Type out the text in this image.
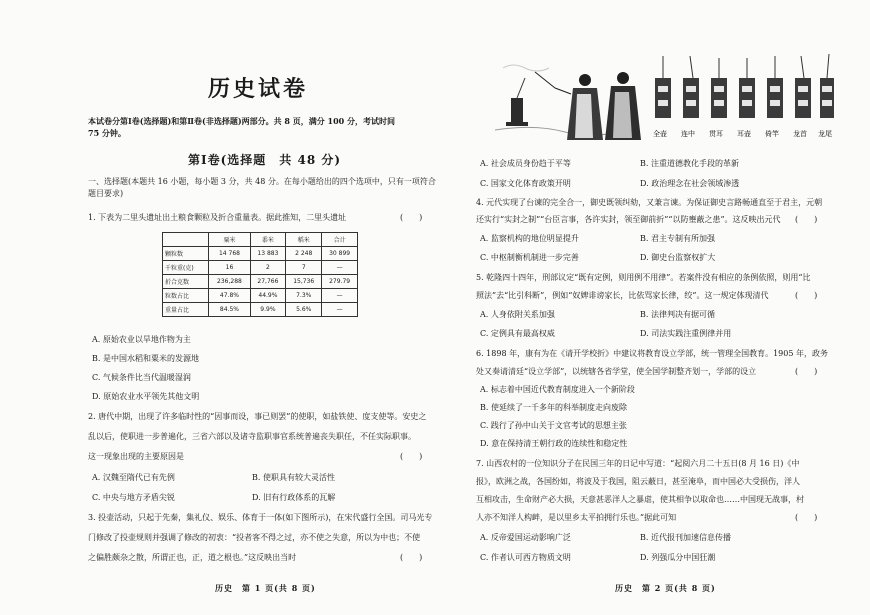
历史试卷
本试卷分第Ⅰ卷(选择题)和第Ⅱ卷(非选择题)两部分。共 8 页，满分 100 分，考试时间
75 分钟。
第Ⅰ卷(选择题　共 48 分)
一、选择题(本题共 16 小题，每小题 3 分，共 48 分。在每小题给出的四个选项中，只有一项符合
题目要求)
1. 下表为二里头遗址出土粮食颗粒及折合重量表。据此推知，二里头遗址	(　　)
	粟米	黍米	稻米	合计
颗粒数	14 768	13 883	2 248	30 899
千粒重(克)	16	2	7	—
折合克数	236,288	27,766	15,736	279.79
粒数占比	47.8%	44.9%	7.3%	—
重量占比	84.5%	9.9%	5.6%	—
A. 原始农业以旱地作物为主
B. 是中国水稻和粟米的发源地
C. 气候条件比当代温暖湿润
D. 原始农业水平领先其他文明
2. 唐代中期，出现了许多临时性的“因事而设，事已则罢”的使职，如盐铁使、度支使等。安史之
乱以后，使职进一步普遍化，三省六部以及诸寺监职事官系统普遍丧失职任，不任实际职事。
这一现象出现的主要原因是	(　　)
A. 汉魏至隋代已有先例	B. 使职具有较大灵活性
C. 中央与地方矛盾尖锐	D. 旧有行政体系的瓦解
3. 投壶活动，只起于先秦，集礼仪、娱乐、体育于一体(如下图所示)，在宋代盛行全国。司马光专
门修改了投壶规则并强调了修改的初衷：“投者客不得之过，亦不使之失意，所以为中也；不使
之偏胜颇杂之散，所谓正也，正，道之根也。”这反映出当时	(　　)
历史　第 1 页(共 8 页)
全壶 连中 贯耳 耳壶 倚竿 龙首 龙尾
A. 社会成员身份趋于平等	B. 注重道德教化手段的革新
C. 国家文化体育政策开明	D. 政治理念在社会领域渗透
4. 元代实现了台谏的完全合一，御史既领纠劾，又兼言谏。为保证御史言路畅通直至于君主，元朝
还实行“实封之制”“台臣言事，各许实封，领至御前折”“以防壅蔽之患”。这反映出元代 (　　)
A. 监察机构的地位明显提升	B. 君主专制有所加强
C. 中枢制衡机制进一步完善	D. 御史台监察权扩大
5. 乾隆四十四年，刑部议定“既有定例，则用例不用律”。若案件没有相应的条例依照，则用“比
照法”去“比引科断”，例如“奴婢诽谤家长，比依骂家长律，绞”。这一规定体现清代	(　　)
A. 人身依附关系加强	B. 法律判决有据可循
C. 定例具有最高权威	D. 司法实践注重例律并用
6. 1898 年，康有为在《请开学校折》中建议将教育设立学部，统一管理全国教育。1905 年，政务
处又奏请清廷“设立学部”，以统辖各省学堂，使全国学制整齐划一，学部的设立	(　　)
A. 标志着中国近代教育制度进入一个新阶段
B. 使延续了一千多年的科举制度走向废除
C. 践行了孙中山关于文官考试的思想主张
D. 意在保持清王朝行政的连续性和稳定性
7. 山西农村的一位知识分子在民国三年的日记中写道：“起阅六月二十五日(8 月 16 日)《中
报》，欧洲之战，各国纷如，将波及于我国，阻云蔽日，甚至淹阜，而中国必大受损伤，洋人
互相攻击，生命财产必大损，天意甚恶洋人之暴虐，使其相争以取命也……中国现无战事，村
人亦不知洋人构衅，是以里乡太平拍拥行乐也。”据此可知	(　　)
A. 反帝爱国运动影响广泛	B. 近代报刊加速信息传播
C. 作者认可西方物质文明	D. 列强瓜分中国狂潮
历史　第 2 页(共 8 页)
